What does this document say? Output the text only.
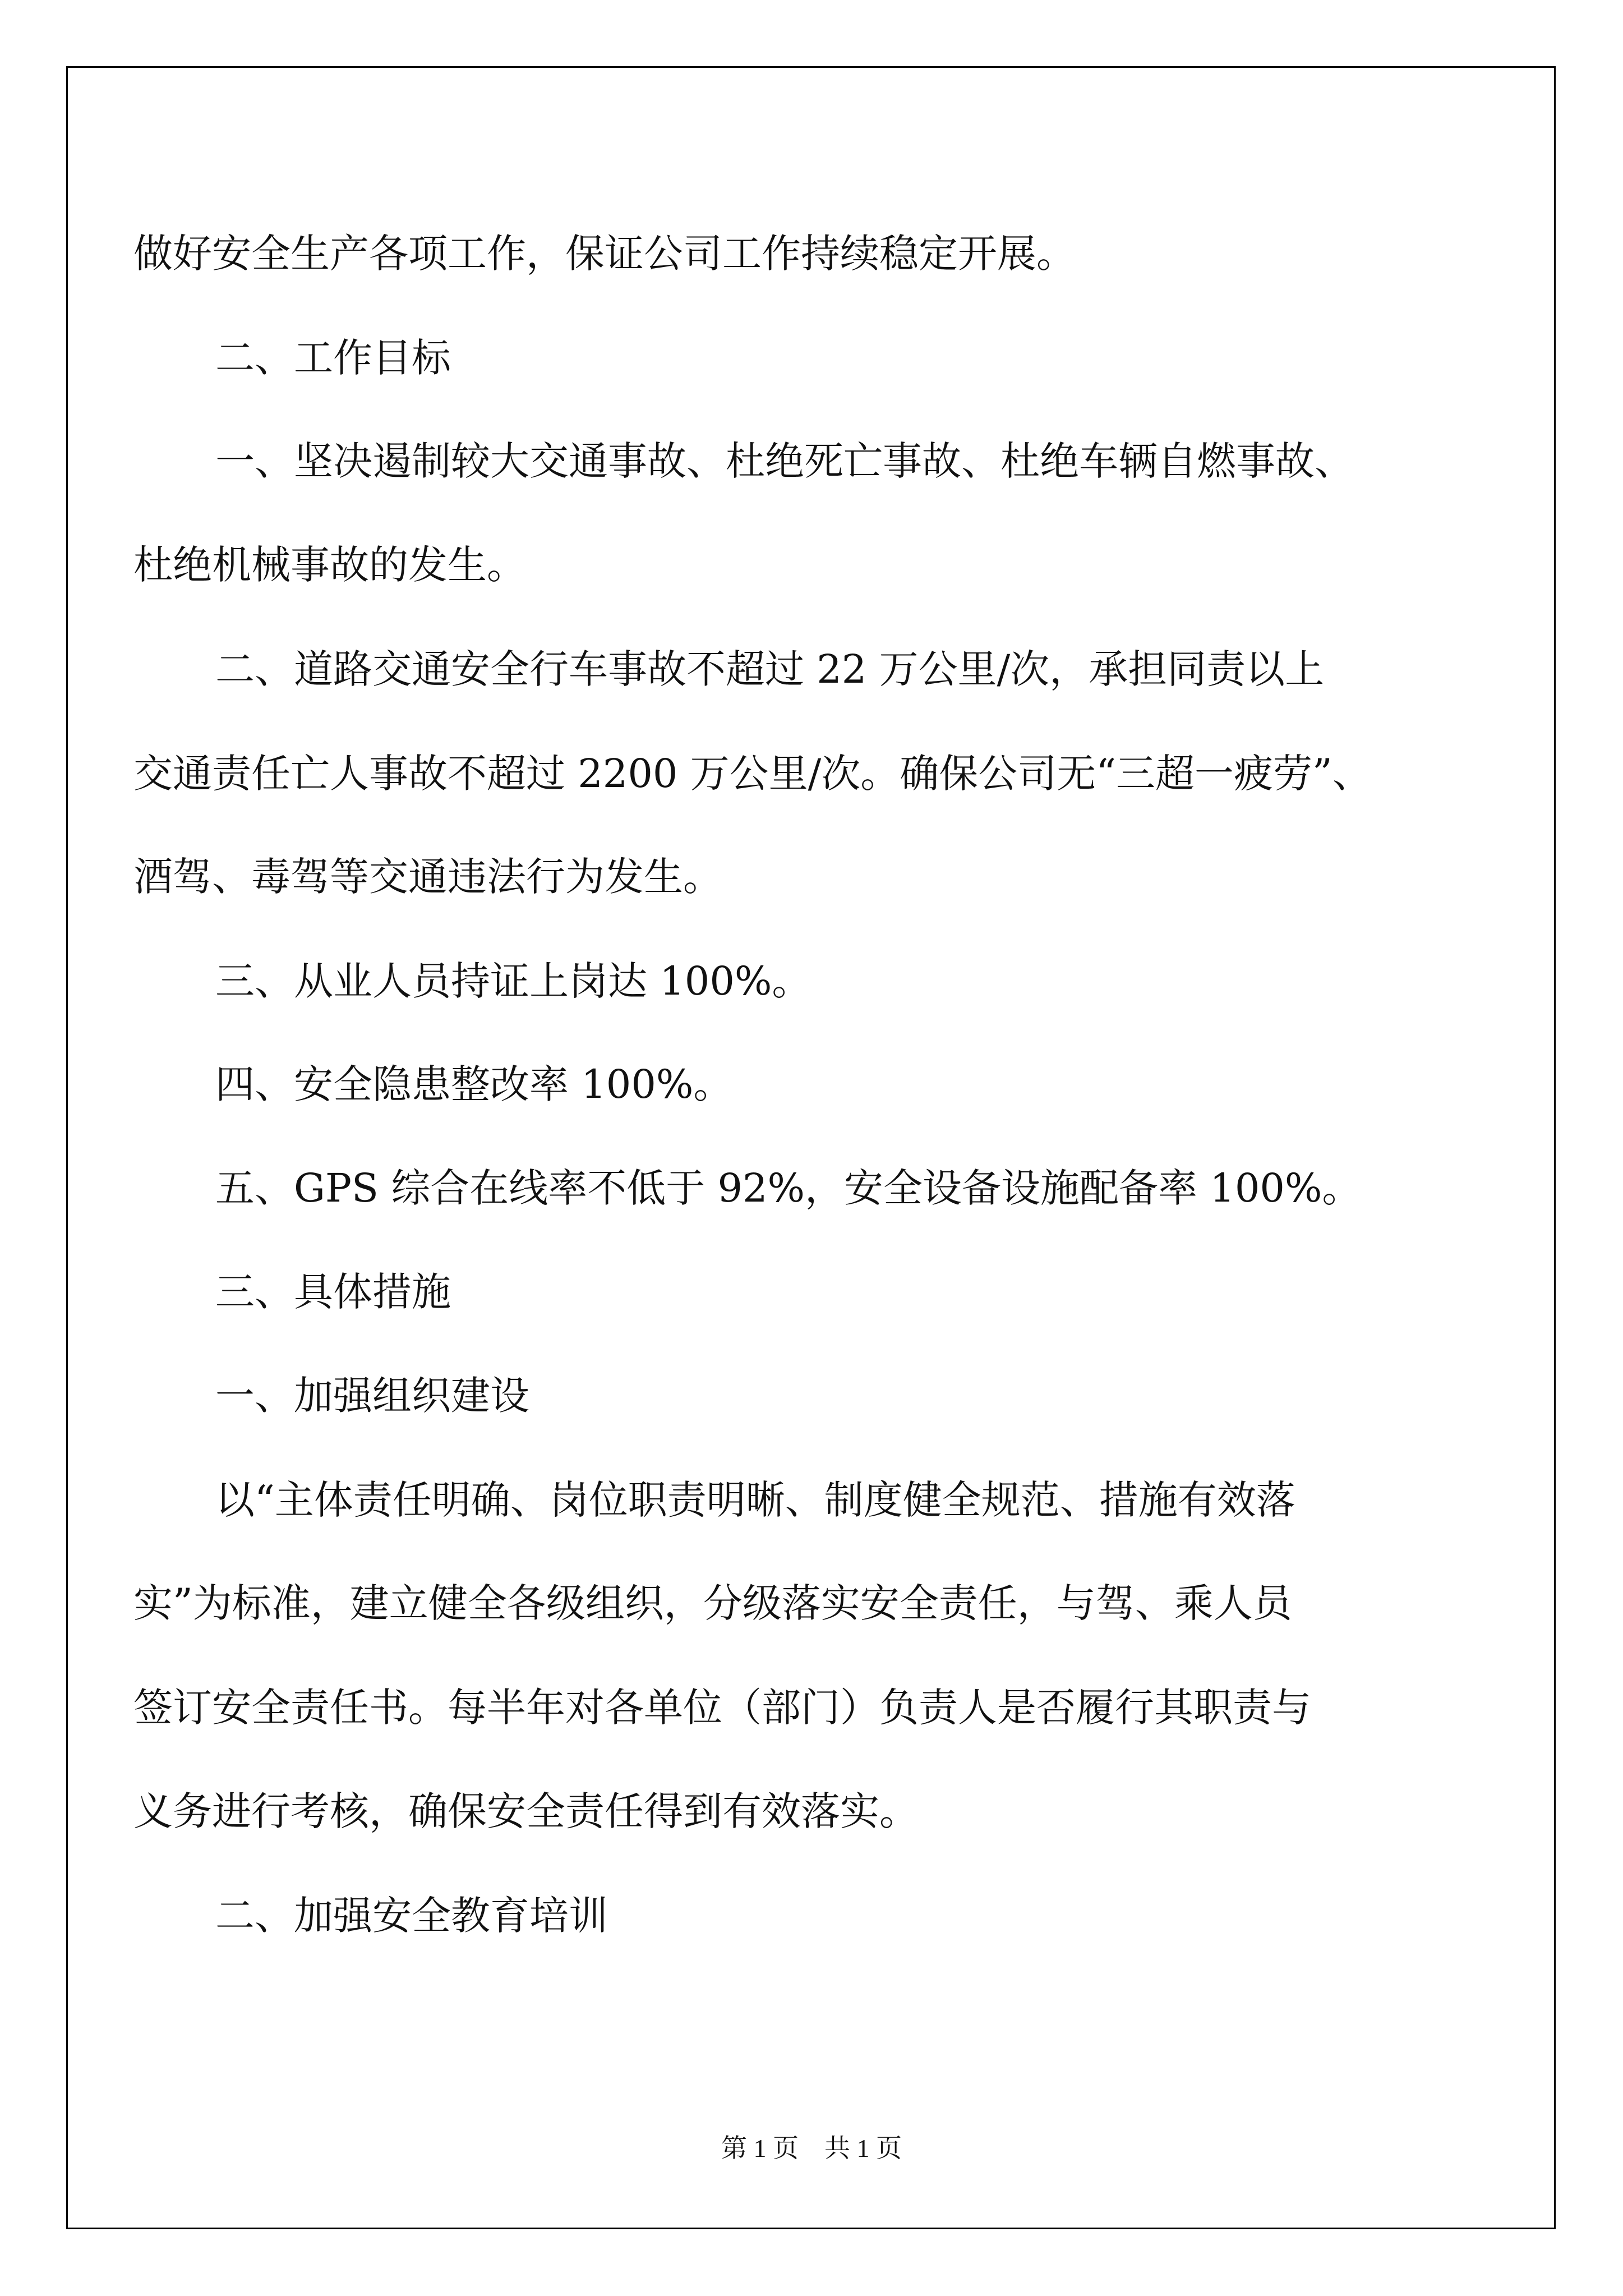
做好安全生产各项工作，保证公司工作持续稳定开展。
二、工作目标
一、坚决遏制较大交通事故、杜绝死亡事故、杜绝车辆自燃事故、
杜绝机械事故的发生。
二、道路交通安全行车事故不超过 22 万公里/次，承担同责以上
交通责任亡人事故不超过 2200 万公里/次。确保公司无“三超一疲劳”、
酒驾、毒驾等交通违法行为发生。
三、从业人员持证上岗达 100%。
四、安全隐患整改率 100%。
五、GPS 综合在线率不低于 92%，安全设备设施配备率 100%。
三、具体措施
一、加强组织建设
以“主体责任明确、岗位职责明晰、制度健全规范、措施有效落
实”为标准，建立健全各级组织，分级落实安全责任，与驾、乘人员
签订安全责任书。每半年对各单位（部门）负责人是否履行其职责与
义务进行考核，确保安全责任得到有效落实。
二、加强安全教育培训
第 1 页　共 1 页
